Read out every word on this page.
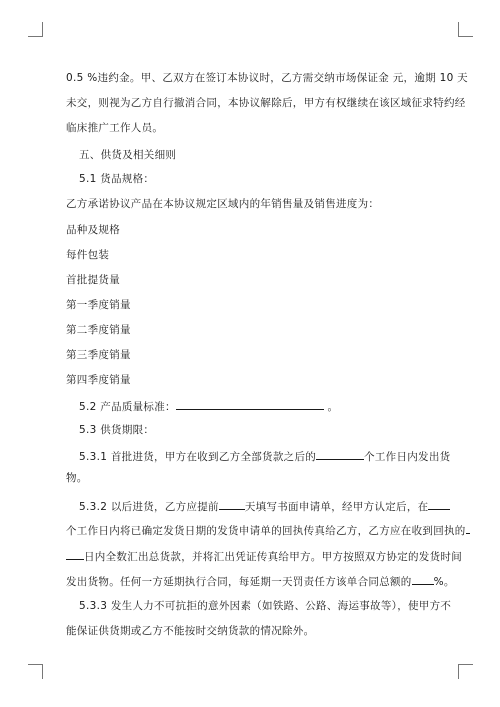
0.5 %违约金。甲、乙双方在签订本协议时，乙方需交纳市场保证金 元，逾期 10 天
未交，则视为乙方自行撤消合同，本协议解除后，甲方有权继续在该区域征求特约经
临床推广工作人员。
五、供货及相关细则
5.1 货品规格：
乙方承诺协议产品在本协议规定区域内的年销售量及销售进度为：
品种及规格
每件包装
首批提货量
第一季度销量
第二季度销量
第三季度销量
第四季度销量
5.2 产品质量标准：	。
5.3 供货期限：
5.3.1 首批进货，甲方在收到乙方全部货款之后的	个工作日内发出货
物。
5.3.2 以后进货，乙方应提前 天填写书面申请单，经甲方认定后，在
个工作日内将已确定发货日期的发货申请单的回执传真给乙方，乙方应在收到回执的
日内全数汇出总货款，并将汇出凭证传真给甲方。甲方按照双方协定的发货时间
发出货物。任何一方延期执行合同，每延期一天罚责任方该单合同总额的 %。
5.3.3 发生人力不可抗拒的意外因素（如铁路、公路、海运事故等），使甲方不
能保证供货期或乙方不能按时交纳货款的情况除外。
